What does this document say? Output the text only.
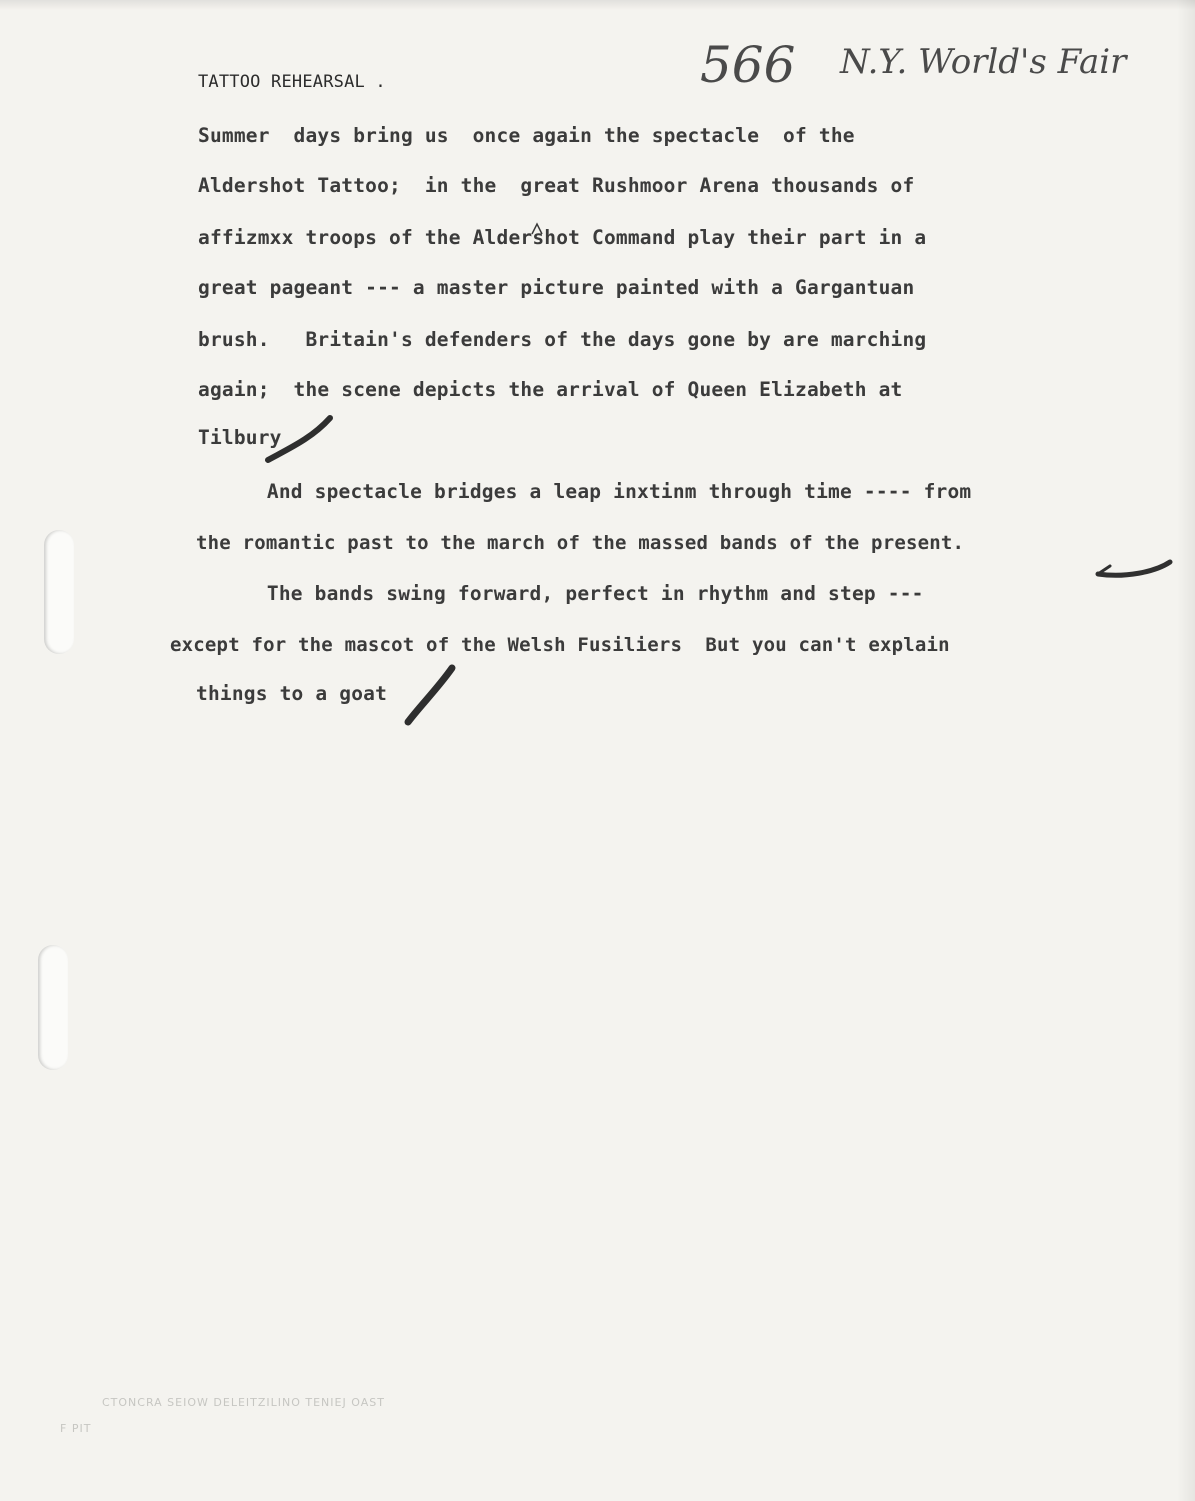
TATTOO REHEARSAL .	566 N.Y. World's Fair
Summer  days bring us  once again the spectacle  of the
Aldershot Tattoo;  in the  great Rushmoor Arena thousands of
affizmxx troops of the Aldershot Command play their part in a
great pageant --- a master picture painted with a Gargantuan
brush.   Britain's defenders of the days gone by are marching
again;  the scene depicts the arrival of Queen Elizabeth at
Tilbury
And spectacle bridges a leap inxtinm through time ---- from
the romantic past to the march of the massed bands of the present.
The bands swing forward, perfect in rhythm and step ---
except for the mascot of the Welsh Fusiliers  But you can't explain
things to a goat
CTONCRA SEIOW DELEITZILINO TENIEJ OAST
F PIT
